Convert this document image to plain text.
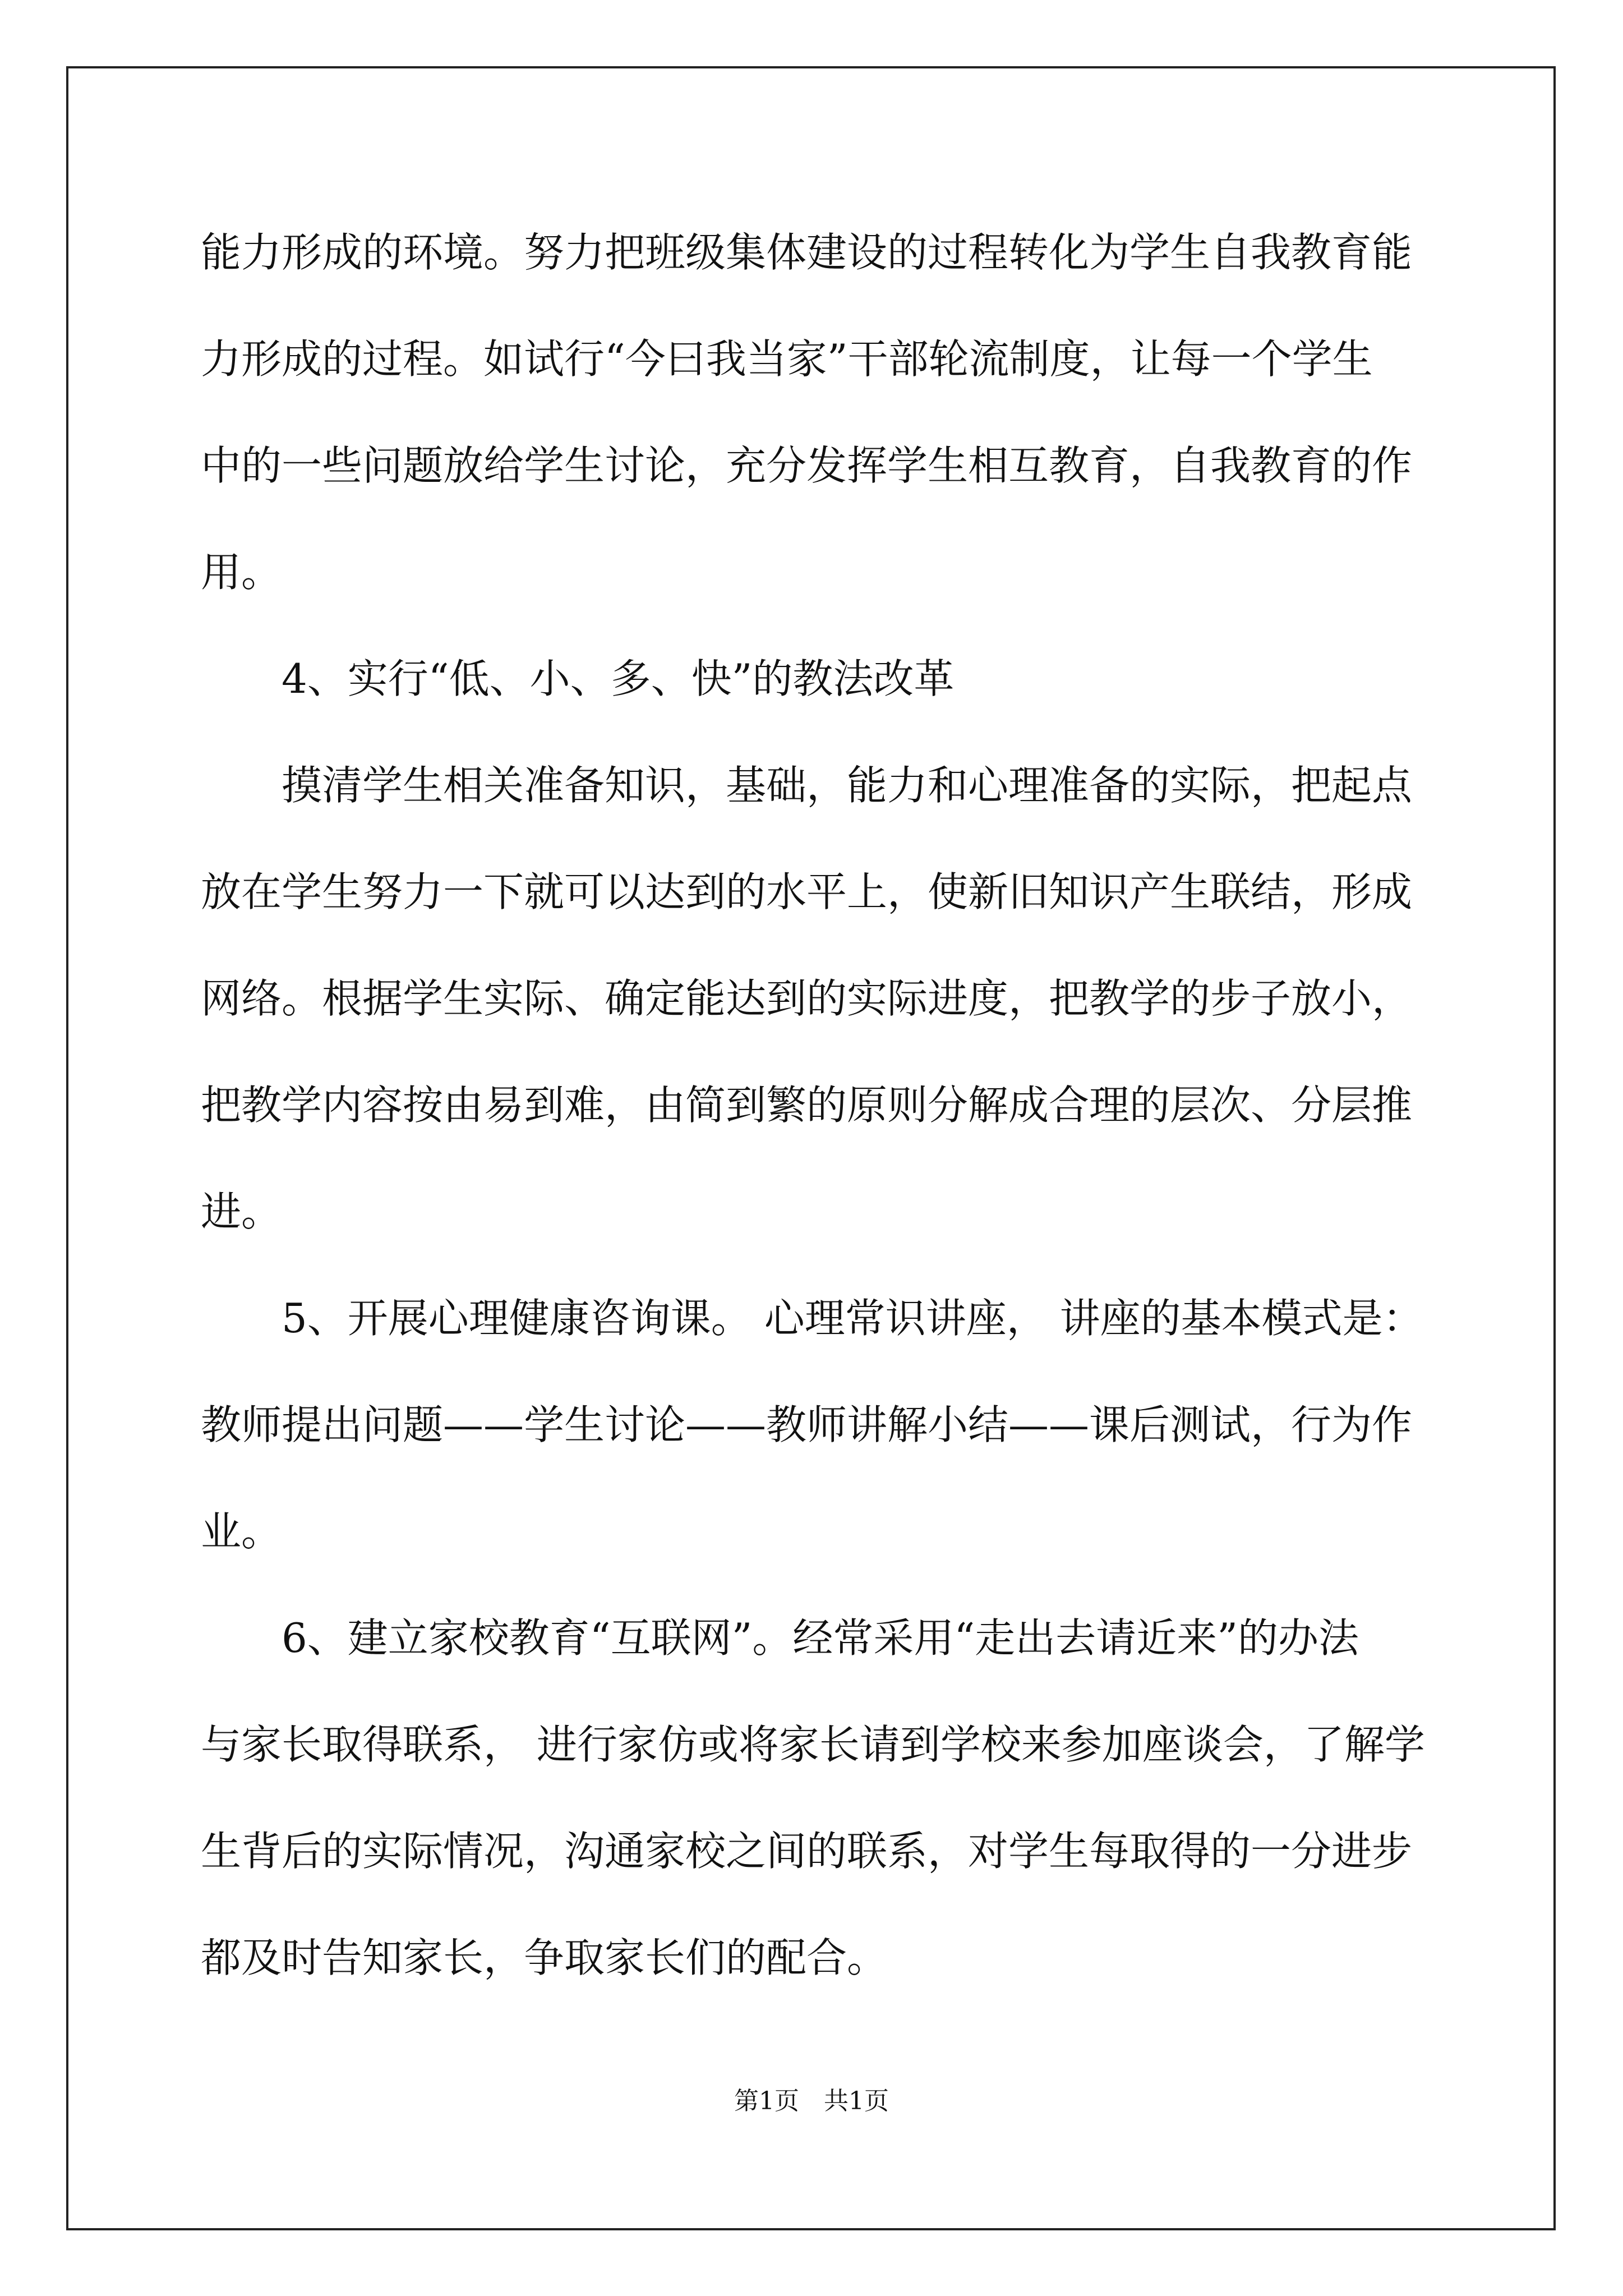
能力形成的环境。努力把班级集体建设的过程转化为学生自我教育能
力形成的过程。如试行“今曰我当家”干部轮流制度，让每一个学生
中的一些问题放给学生讨论，充分发挥学生相互教育，自我教育的作
用。
4、实行“低、小、多、快”的教法改革
摸清学生相关准备知识，基础，能力和心理准备的实际，把起点
放在学生努力一下就可以达到的水平上，使新旧知识产生联结，形成
网络。根据学生实际、确定能达到的实际进度，把教学的步子放小，
把教学内容按由易到难，由简到繁的原则分解成合理的层次、分层推
进。
5、开展心理健康咨询课。 心理常识讲座， 讲座的基本模式是：
教师提出问题——学生讨论——教师讲解小结——课后测试，行为作
业。
6、建立家校教育“互联网”。经常采用“走出去请近来”的办法
与家长取得联系， 进行家仿或将家长请到学校来参加座谈会，了解学
生背后的实际情况，沟通家校之间的联系，对学生每取得的一分进步
都及时告知家长，争取家长们的配合。
第1页　共1页
